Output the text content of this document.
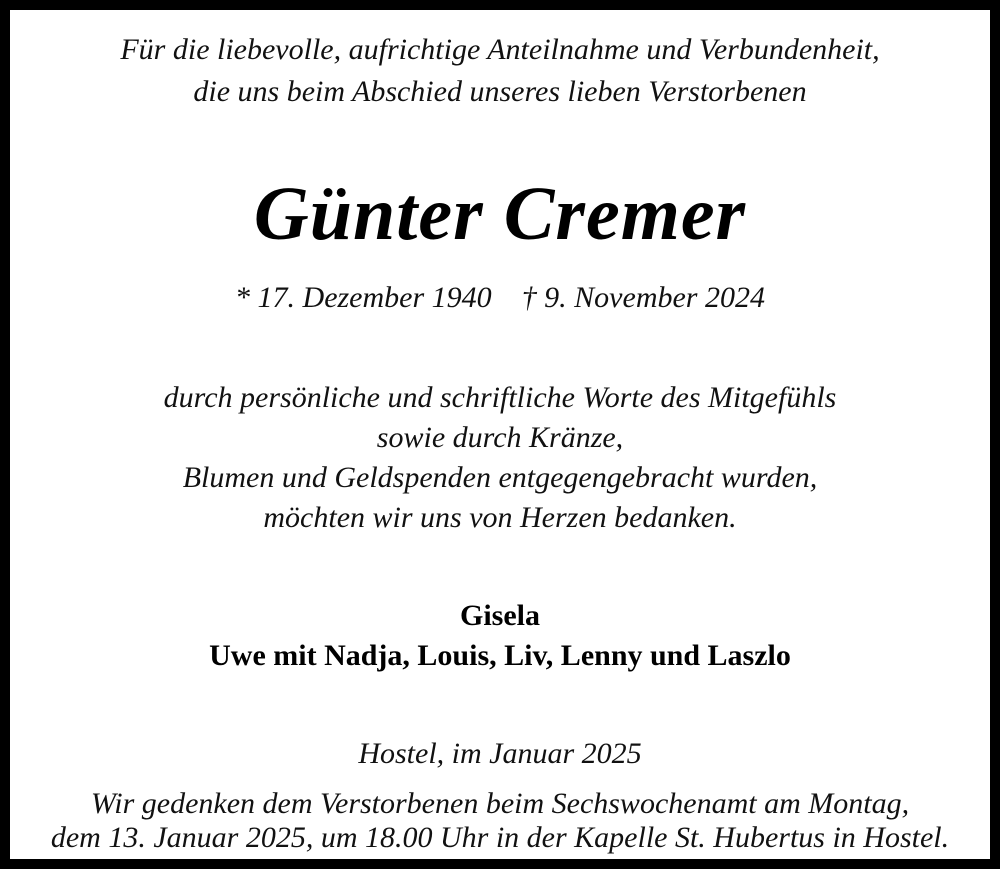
Für die liebevolle, aufrichtige Anteilnahme und Verbundenheit,
die uns beim Abschied unseres lieben Verstorbenen
Günter Cremer
* 17. Dezember 1940 † 9. November 2024
durch persönliche und schriftliche Worte des Mitgefühls
sowie durch Kränze,
Blumen und Geldspenden entgegengebracht wurden,
möchten wir uns von Herzen bedanken.
Gisela
Uwe mit Nadja, Louis, Liv, Lenny und Laszlo
Hostel, im Januar 2025
Wir gedenken dem Verstorbenen beim Sechswochenamt am Montag,
dem 13. Januar 2025, um 18.00 Uhr in der Kapelle St. Hubertus in Hostel.
